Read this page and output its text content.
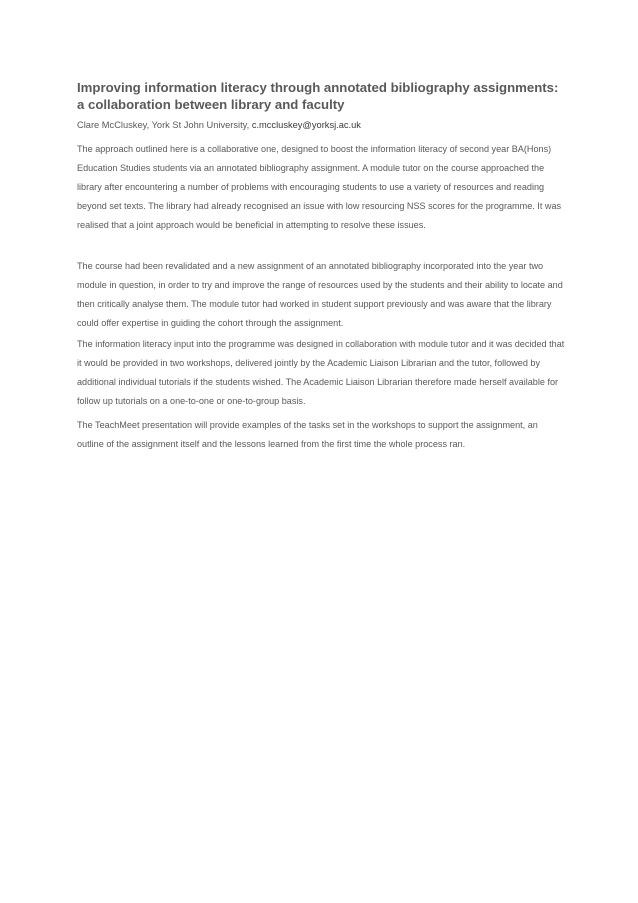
Improving information literacy through annotated bibliography assignments: a collaboration between library and faculty
Clare McCluskey, York St John University, c.mccluskey@yorksj.ac.uk

The approach outlined here is a collaborative one, designed to boost the information literacy of second year BA(Hons) Education Studies students via an annotated bibliography assignment. A module tutor on the course approached the library after encountering a number of problems with encouraging students to use a variety of resources and reading beyond set texts. The library had already recognised an issue with low resourcing NSS scores for the programme. It was realised that a joint approach would be beneficial in attempting to resolve these issues.

The course had been revalidated and a new assignment of an annotated bibliography incorporated into the year two module in question, in order to try and improve the range of resources used by the students and their ability to locate and then critically analyse them. The module tutor had worked in student support previously and was aware that the library could offer expertise in guiding the cohort through the assignment.

The information literacy input into the programme was designed in collaboration with module tutor and it was decided that it would be provided in two workshops, delivered jointly by the Academic Liaison Librarian and the tutor, followed by additional individual tutorials if the students wished. The Academic Liaison Librarian therefore made herself available for follow up tutorials on a one-to-one or one-to-group basis.

The TeachMeet presentation will provide examples of the tasks set in the workshops to support the assignment, an outline of the assignment itself and the lessons learned from the first time the whole process ran.
